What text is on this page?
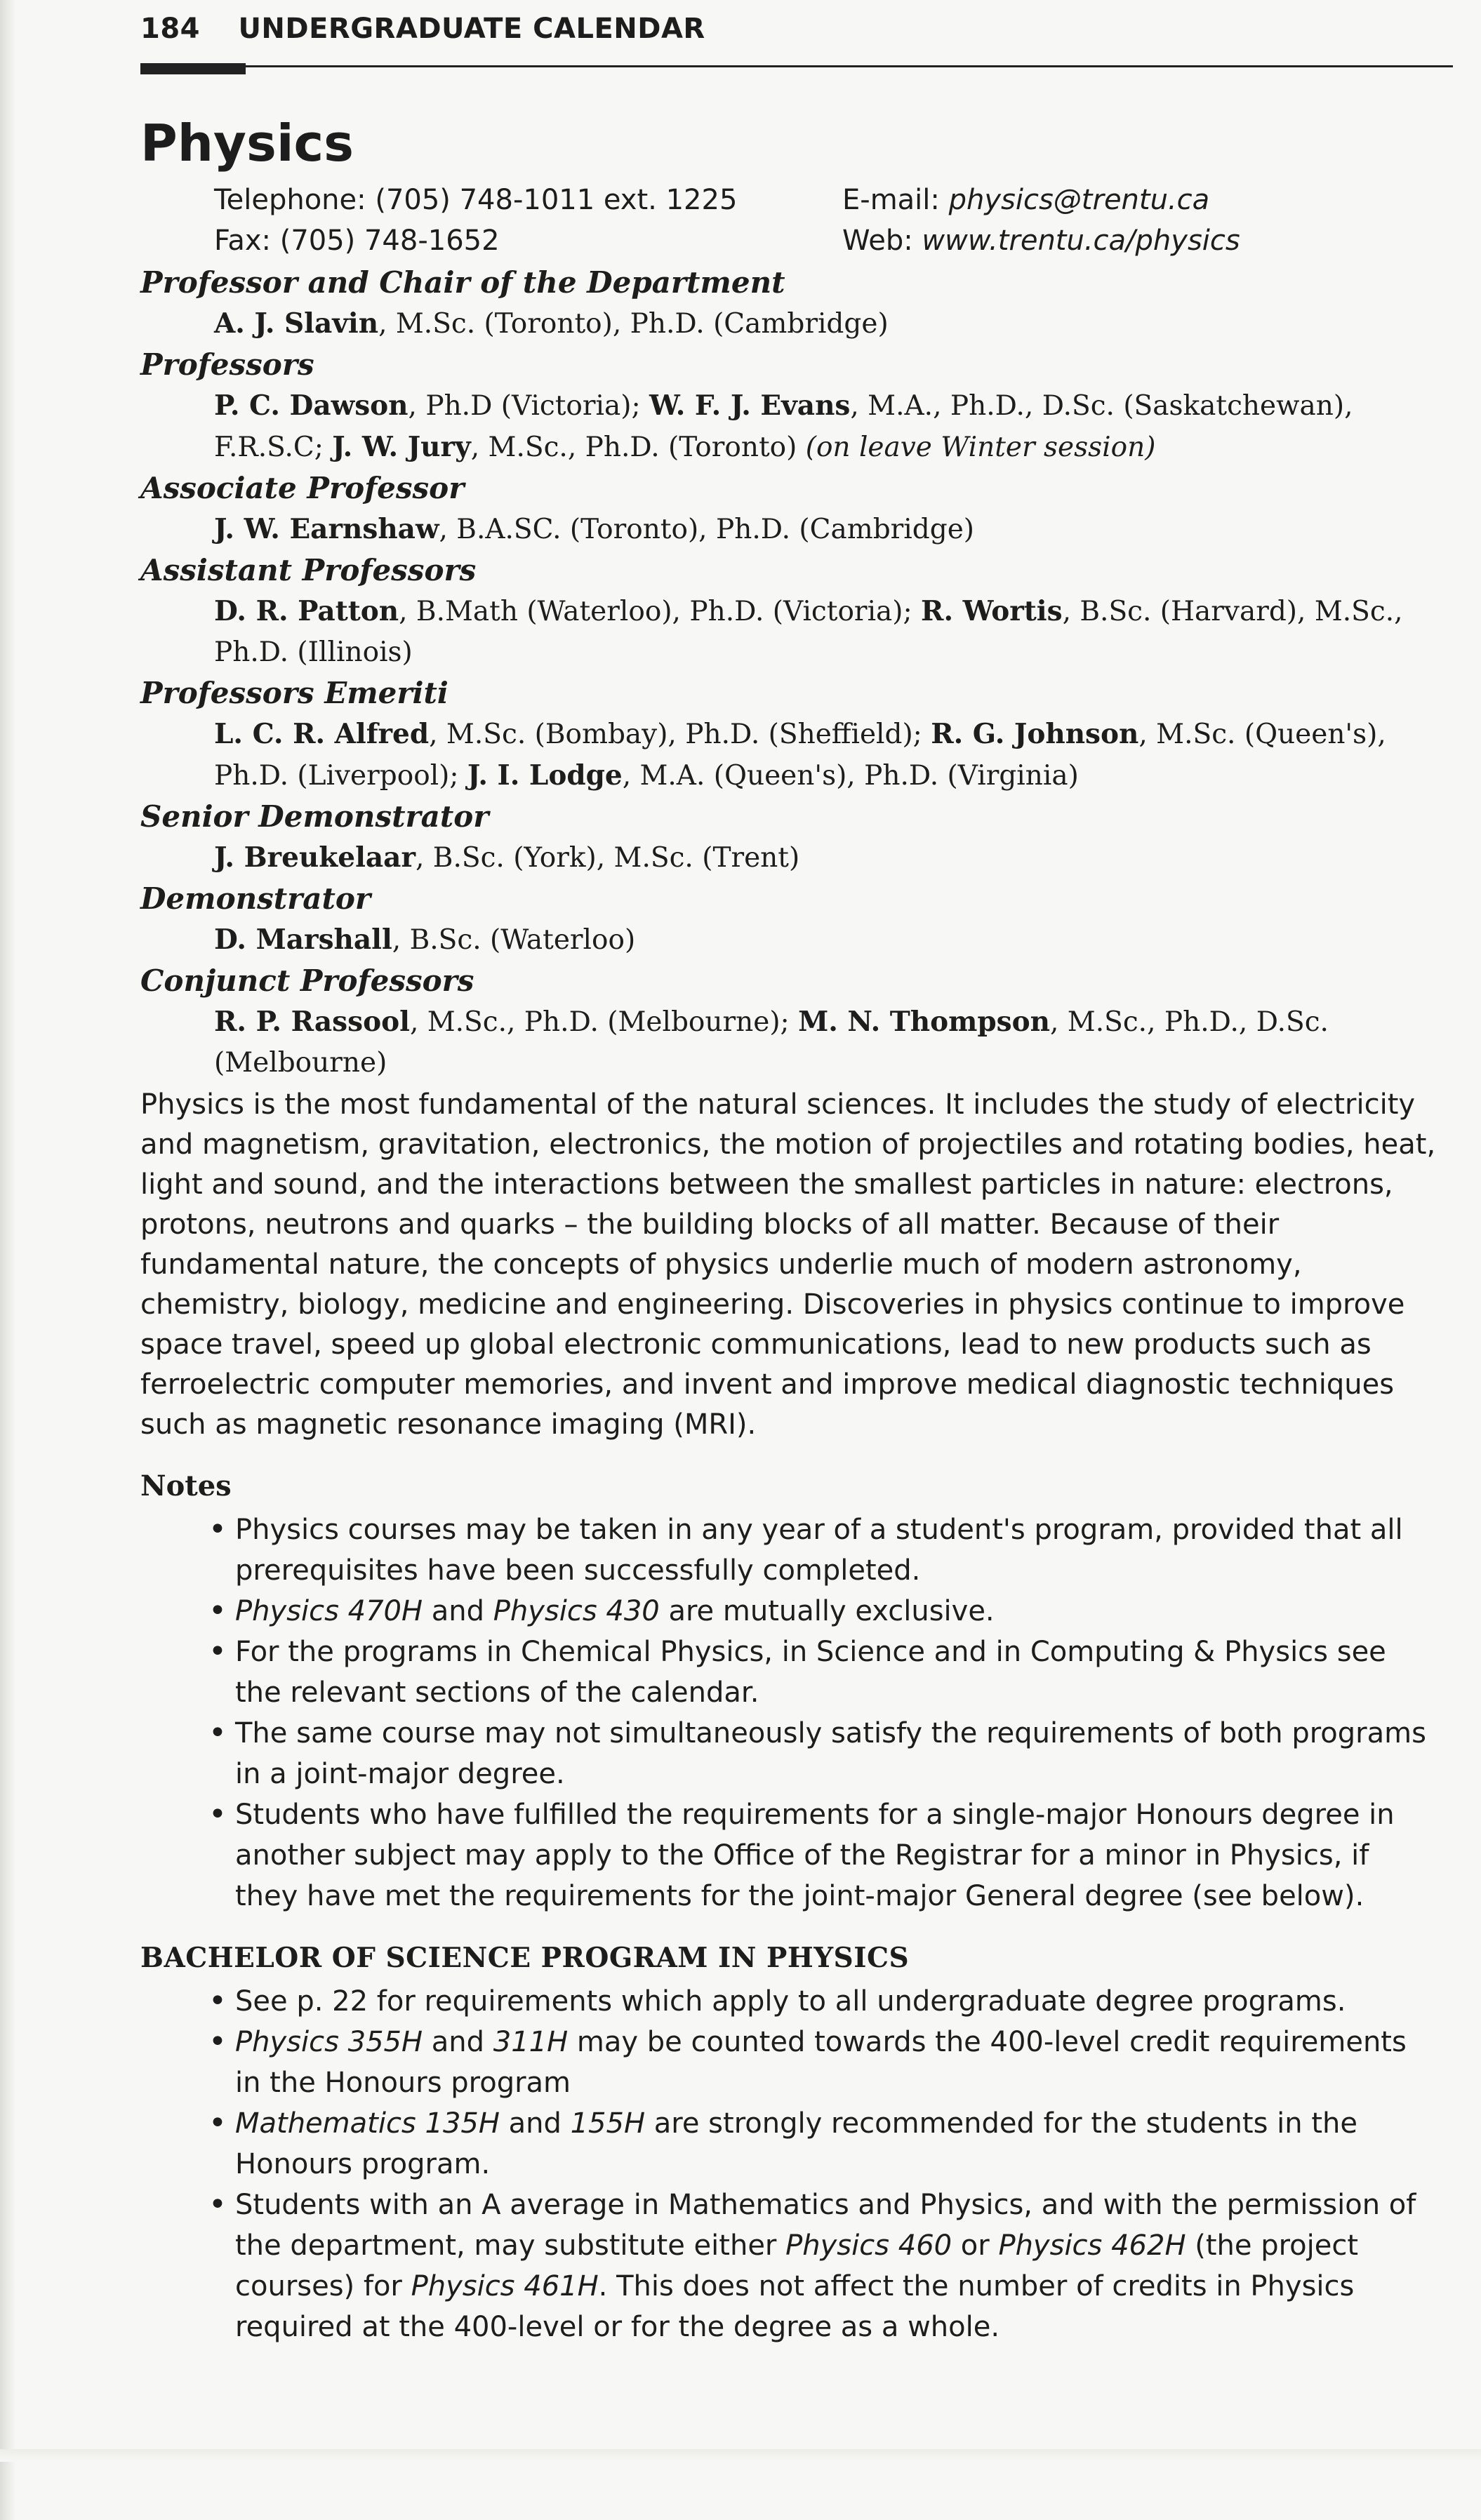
184 UNDERGRADUATE CALENDAR
Physics
Telephone: (705) 748-1011 ext. 1225
Fax: (705) 748-1652
E-mail: physics@trentu.ca
Web: www.trentu.ca/physics
Professor and Chair of the Department
A. J. Slavin, M.Sc. (Toronto), Ph.D. (Cambridge)
Professors
P. C. Dawson, Ph.D (Victoria); W. F. J. Evans, M.A., Ph.D., D.Sc. (Saskatchewan), F.R.S.C; J. W. Jury, M.Sc., Ph.D. (Toronto) (on leave Winter session)
Associate Professor
J. W. Earnshaw, B.A.SC. (Toronto), Ph.D. (Cambridge)
Assistant Professors
D. R. Patton, B.Math (Waterloo), Ph.D. (Victoria); R. Wortis, B.Sc. (Harvard), M.Sc., Ph.D. (Illinois)
Professors Emeriti
L. C. R. Alfred, M.Sc. (Bombay), Ph.D. (Sheffield); R. G. Johnson, M.Sc. (Queen's), Ph.D. (Liverpool); J. I. Lodge, M.A. (Queen's), Ph.D. (Virginia)
Senior Demonstrator
J. Breukelaar, B.Sc. (York), M.Sc. (Trent)
Demonstrator
D. Marshall, B.Sc. (Waterloo)
Conjunct Professors
R. P. Rassool, M.Sc., Ph.D. (Melbourne); M. N. Thompson, M.Sc., Ph.D., D.Sc. (Melbourne)

Physics is the most fundamental of the natural sciences. It includes the study of electricity and magnetism, gravitation, electronics, the motion of projectiles and rotating bodies, heat, light and sound, and the interactions between the smallest particles in nature: electrons, protons, neutrons and quarks – the building blocks of all matter. Because of their fundamental nature, the concepts of physics underlie much of modern astronomy, chemistry, biology, medicine and engineering. Discoveries in physics continue to improve space travel, speed up global electronic communications, lead to new products such as ferroelectric computer memories, and invent and improve medical diagnostic techniques such as magnetic resonance imaging (MRI).

Notes
• Physics courses may be taken in any year of a student's program, provided that all prerequisites have been successfully completed.
• Physics 470H and Physics 430 are mutually exclusive.
• For the programs in Chemical Physics, in Science and in Computing & Physics see the relevant sections of the calendar.
• The same course may not simultaneously satisfy the requirements of both programs in a joint-major degree.
• Students who have fulfilled the requirements for a single-major Honours degree in another subject may apply to the Office of the Registrar for a minor in Physics, if they have met the requirements for the joint-major General degree (see below).
BACHELOR OF SCIENCE PROGRAM IN PHYSICS
• See p. 22 for requirements which apply to all undergraduate degree programs.
• Physics 355H and 311H may be counted towards the 400-level credit requirements in the Honours program
• Mathematics 135H and 155H are strongly recommended for the students in the Honours program.
• Students with an A average in Mathematics and Physics, and with the permission of the department, may substitute either Physics 460 or Physics 462H (the project courses) for Physics 461H. This does not affect the number of credits in Physics required at the 400-level or for the degree as a whole.
